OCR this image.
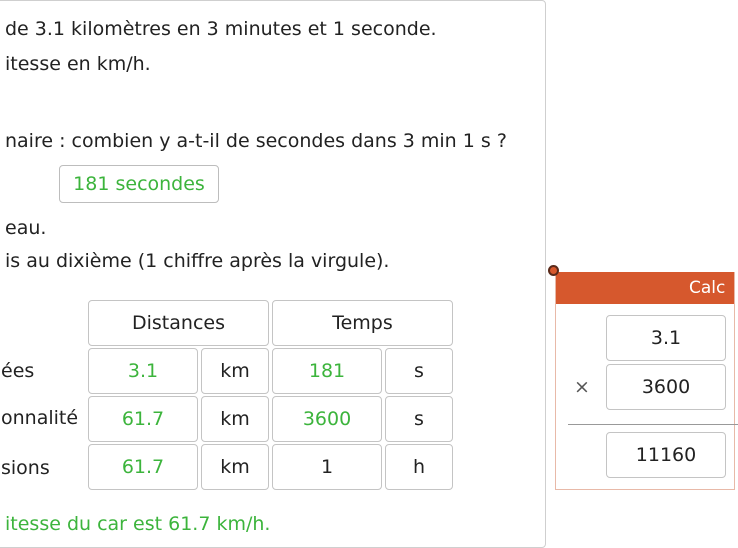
de 3.1 kilomètres en 3 minutes et 1 seconde.
itesse en km/h.
naire : combien y a-t-il de secondes dans 3 min 1 s ?
181 secondes
eau.
is au dixième (1 chiffre après la virgule).
Distances	Temps
ées	3.1	km	181	s
onnalité	61.7	km	3600	s
sions	61.7	km	1	h
itesse du car est 61.7 km/h.
Calc
3.1
×	3600
11160
